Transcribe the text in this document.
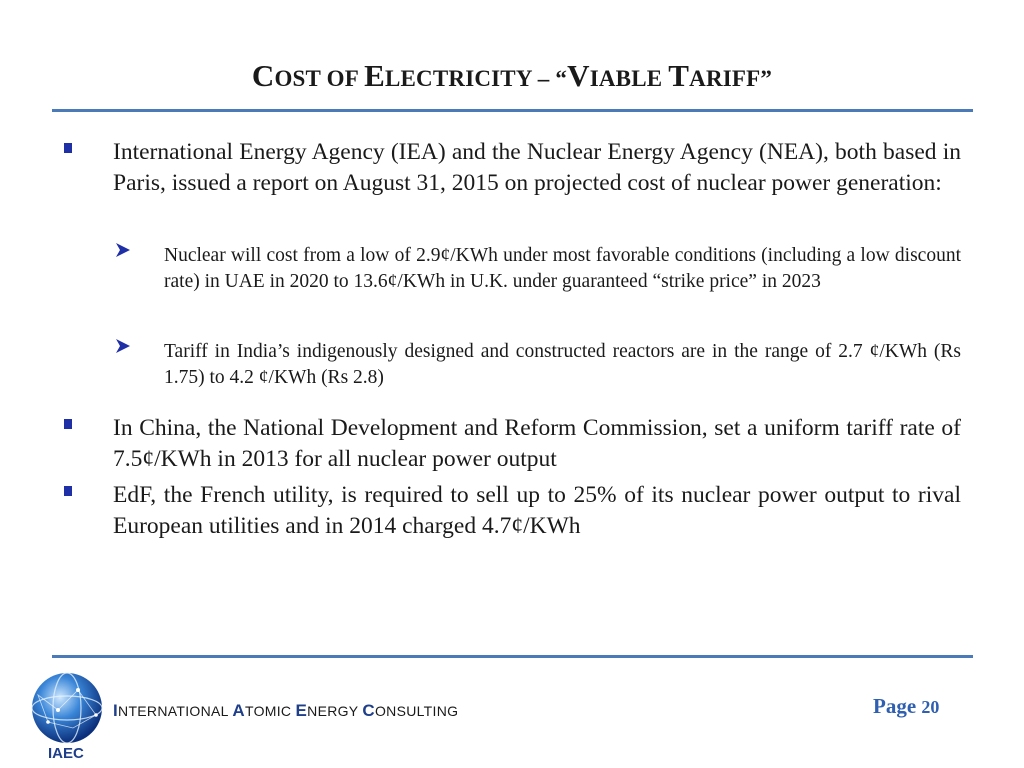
COST OF ELECTRICITY – “VIABLE TARIFF”
International Energy Agency (IEA) and the Nuclear Energy Agency (NEA), both based in Paris, issued a report on August 31, 2015 on projected cost of nuclear power generation:
Nuclear will cost from a low of 2.9¢/KWh under most favorable conditions (including a low discount rate) in UAE in 2020 to 13.6¢/KWh in U.K. under guaranteed “strike price” in 2023
Tariff in India’s indigenously designed and constructed reactors are in the range of 2.7 ¢/KWh (Rs 1.75) to 4.2 ¢/KWh (Rs 2.8)
In China, the National Development and Reform Commission, set a uniform tariff rate of 7.5¢/KWh in 2013 for all nuclear power output
EdF, the French utility, is required to sell up to 25% of its nuclear power output to rival European utilities and in 2014 charged 4.7¢/KWh
IAEC
INTERNATIONAL ATOMIC ENERGY CONSULTING	Page 20
